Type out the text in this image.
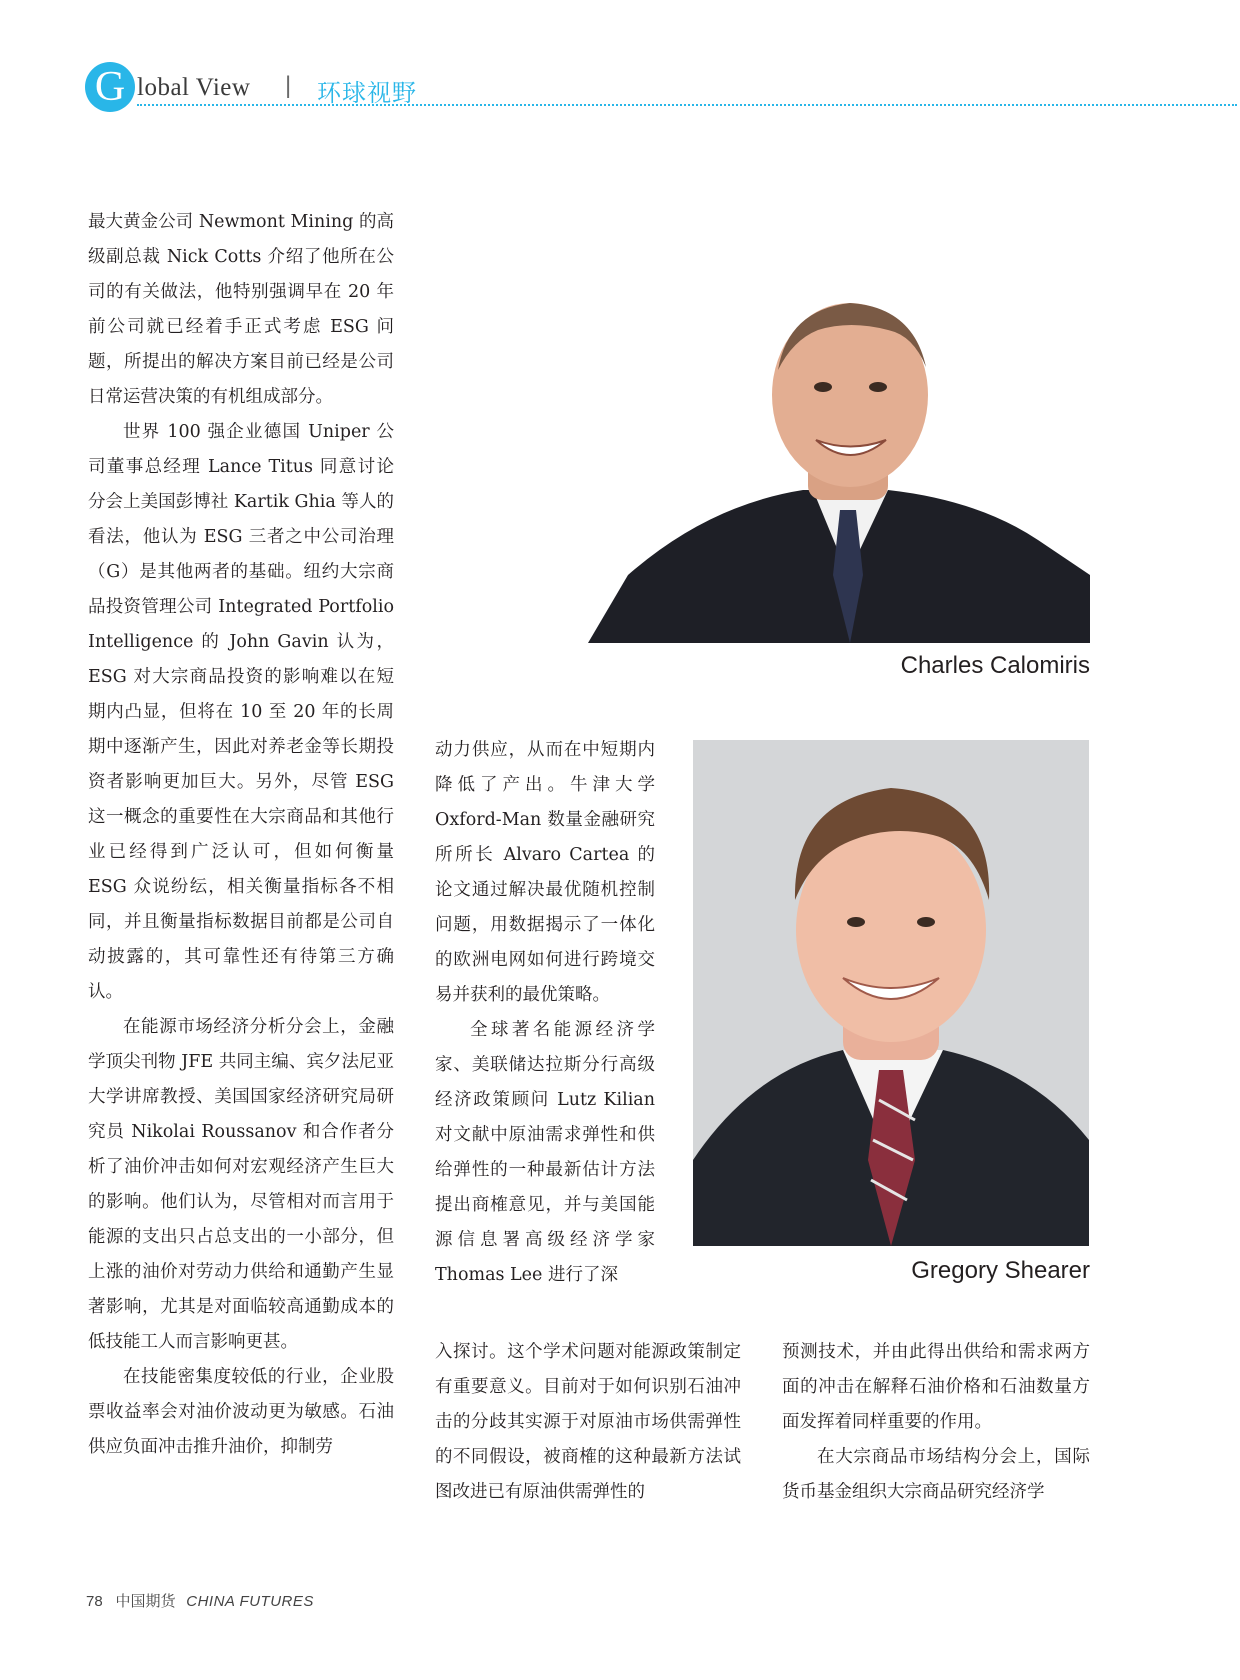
G lobal View | 环球视野

最大黄金公司 Newmont Mining 的高级副总裁 Nick Cotts 介绍了他所在公司的有关做法，他特别强调早在 20 年前公司就已经着手正式考虑 ESG 问题，所提出的解决方案目前已经是公司日常运营决策的有机组成部分。

世界 100 强企业德国 Uniper 公司董事总经理 Lance Titus 同意讨论分会上美国彭博社 Kartik Ghia 等人的看法，他认为 ESG 三者之中公司治理（G）是其他两者的基础。纽约大宗商品投资管理公司 Integrated Portfolio Intelligence 的 John Gavin 认为，ESG 对大宗商品投资的影响难以在短期内凸显，但将在 10 至 20 年的长周期中逐渐产生，因此对养老金等长期投资者影响更加巨大。另外，尽管 ESG 这一概念的重要性在大宗商品和其他行业已经得到广泛认可，但如何衡量 ESG 众说纷纭，相关衡量指标各不相同，并且衡量指标数据目前都是公司自动披露的，其可靠性还有待第三方确认。

在能源市场经济分析分会上，金融学顶尖刊物 JFE 共同主编、宾夕法尼亚大学讲席教授、美国国家经济研究局研究员 Nikolai Roussanov 和合作者分析了油价冲击如何对宏观经济产生巨大的影响。他们认为，尽管相对而言用于能源的支出只占总支出的一小部分，但上涨的油价对劳动力供给和通勤产生显著影响，尤其是对面临较高通勤成本的低技能工人而言影响更甚。

在技能密集度较低的行业，企业股票收益率会对油价波动更为敏感。石油供应负面冲击推升油价，抑制劳

Charles Calomiris

动力供应，从而在中短期内降低了产出。牛津大学 Oxford-Man 数量金融研究所所长 Alvaro Cartea 的论文通过解决最优随机控制问题，用数据揭示了一体化的欧洲电网如何进行跨境交易并获利的最优策略。

全球著名能源经济学家、美联储达拉斯分行高级经济政策顾问 Lutz Kilian 对文献中原油需求弹性和供给弹性的一种最新估计方法提出商榷意见，并与美国能源信息署高级经济学家 Thomas Lee 进行了深	Gregory Shearer

入探讨。这个学术问题对能源政策制定有重要意义。目前对于如何识别石油冲击的分歧其实源于对原油市场供需弹性的不同假设，被商榷的这种最新方法试图改进已有原油供需弹性的

预测技术，并由此得出供给和需求两方面的冲击在解释石油价格和石油数量方面发挥着同样重要的作用。

在大宗商品市场结构分会上，国际货币基金组织大宗商品研究经济学

78 中国期货 CHINA FUTURES
